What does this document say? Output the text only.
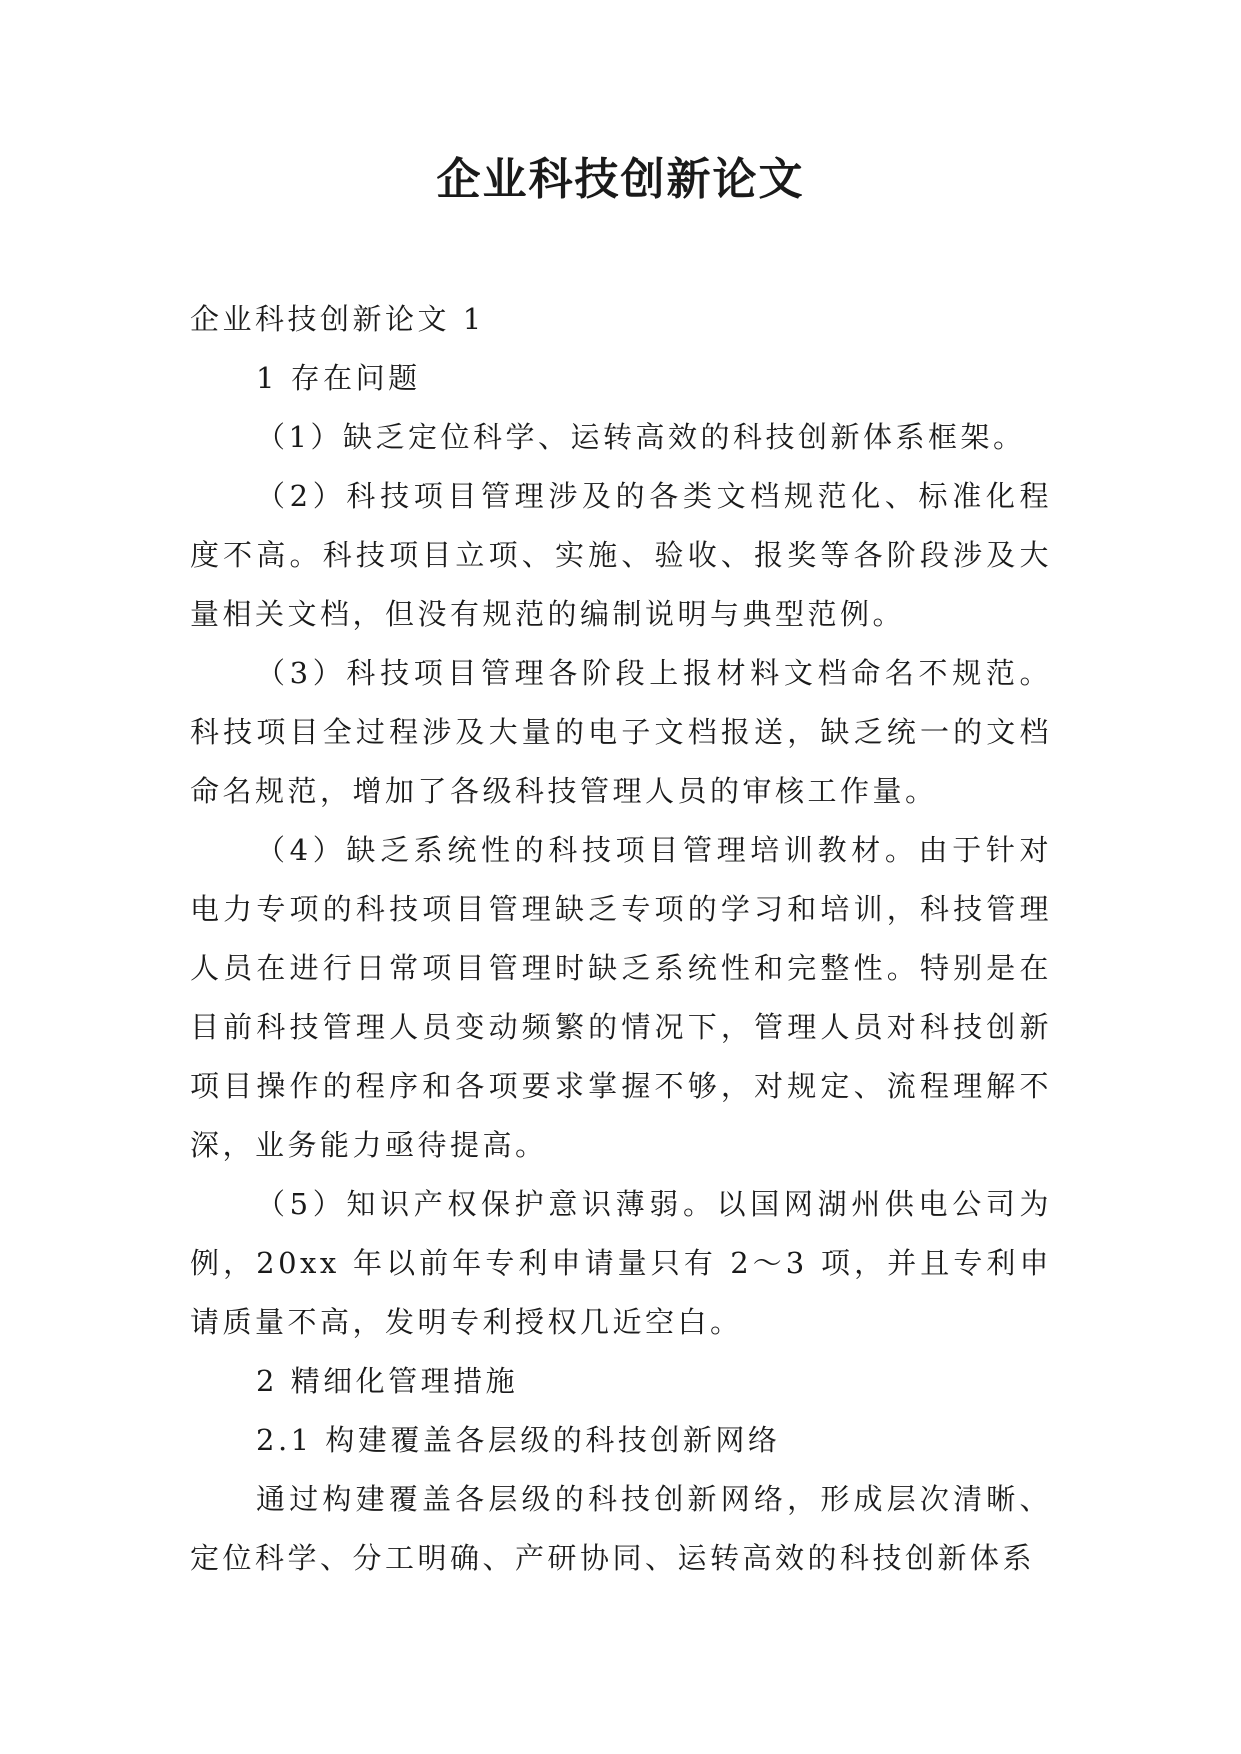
企业科技创新论文

企业科技创新论文 1

1 存在问题

（1）缺乏定位科学、运转高效的科技创新体系框架。

（2）科技项目管理涉及的各类文档规范化、标准化程度不高。科技项目立项、实施、验收、报奖等各阶段涉及大量相关文档，但没有规范的编制说明与典型范例。

（3）科技项目管理各阶段上报材料文档命名不规范。科技项目全过程涉及大量的电子文档报送，缺乏统一的文档命名规范，增加了各级科技管理人员的审核工作量。

（4）缺乏系统性的科技项目管理培训教材。由于针对电力专项的科技项目管理缺乏专项的学习和培训，科技管理人员在进行日常项目管理时缺乏系统性和完整性。特别是在目前科技管理人员变动频繁的情况下，管理人员对科技创新项目操作的程序和各项要求掌握不够，对规定、流程理解不深，业务能力亟待提高。

（5）知识产权保护意识薄弱。以国网湖州供电公司为例，20xx 年以前年专利申请量只有 2～3 项，并且专利申请质量不高，发明专利授权几近空白。

2 精细化管理措施

2.1 构建覆盖各层级的科技创新网络

通过构建覆盖各层级的科技创新网络，形成层次清晰、定位科学、分工明确、产研协同、运转高效的科技创新体系
